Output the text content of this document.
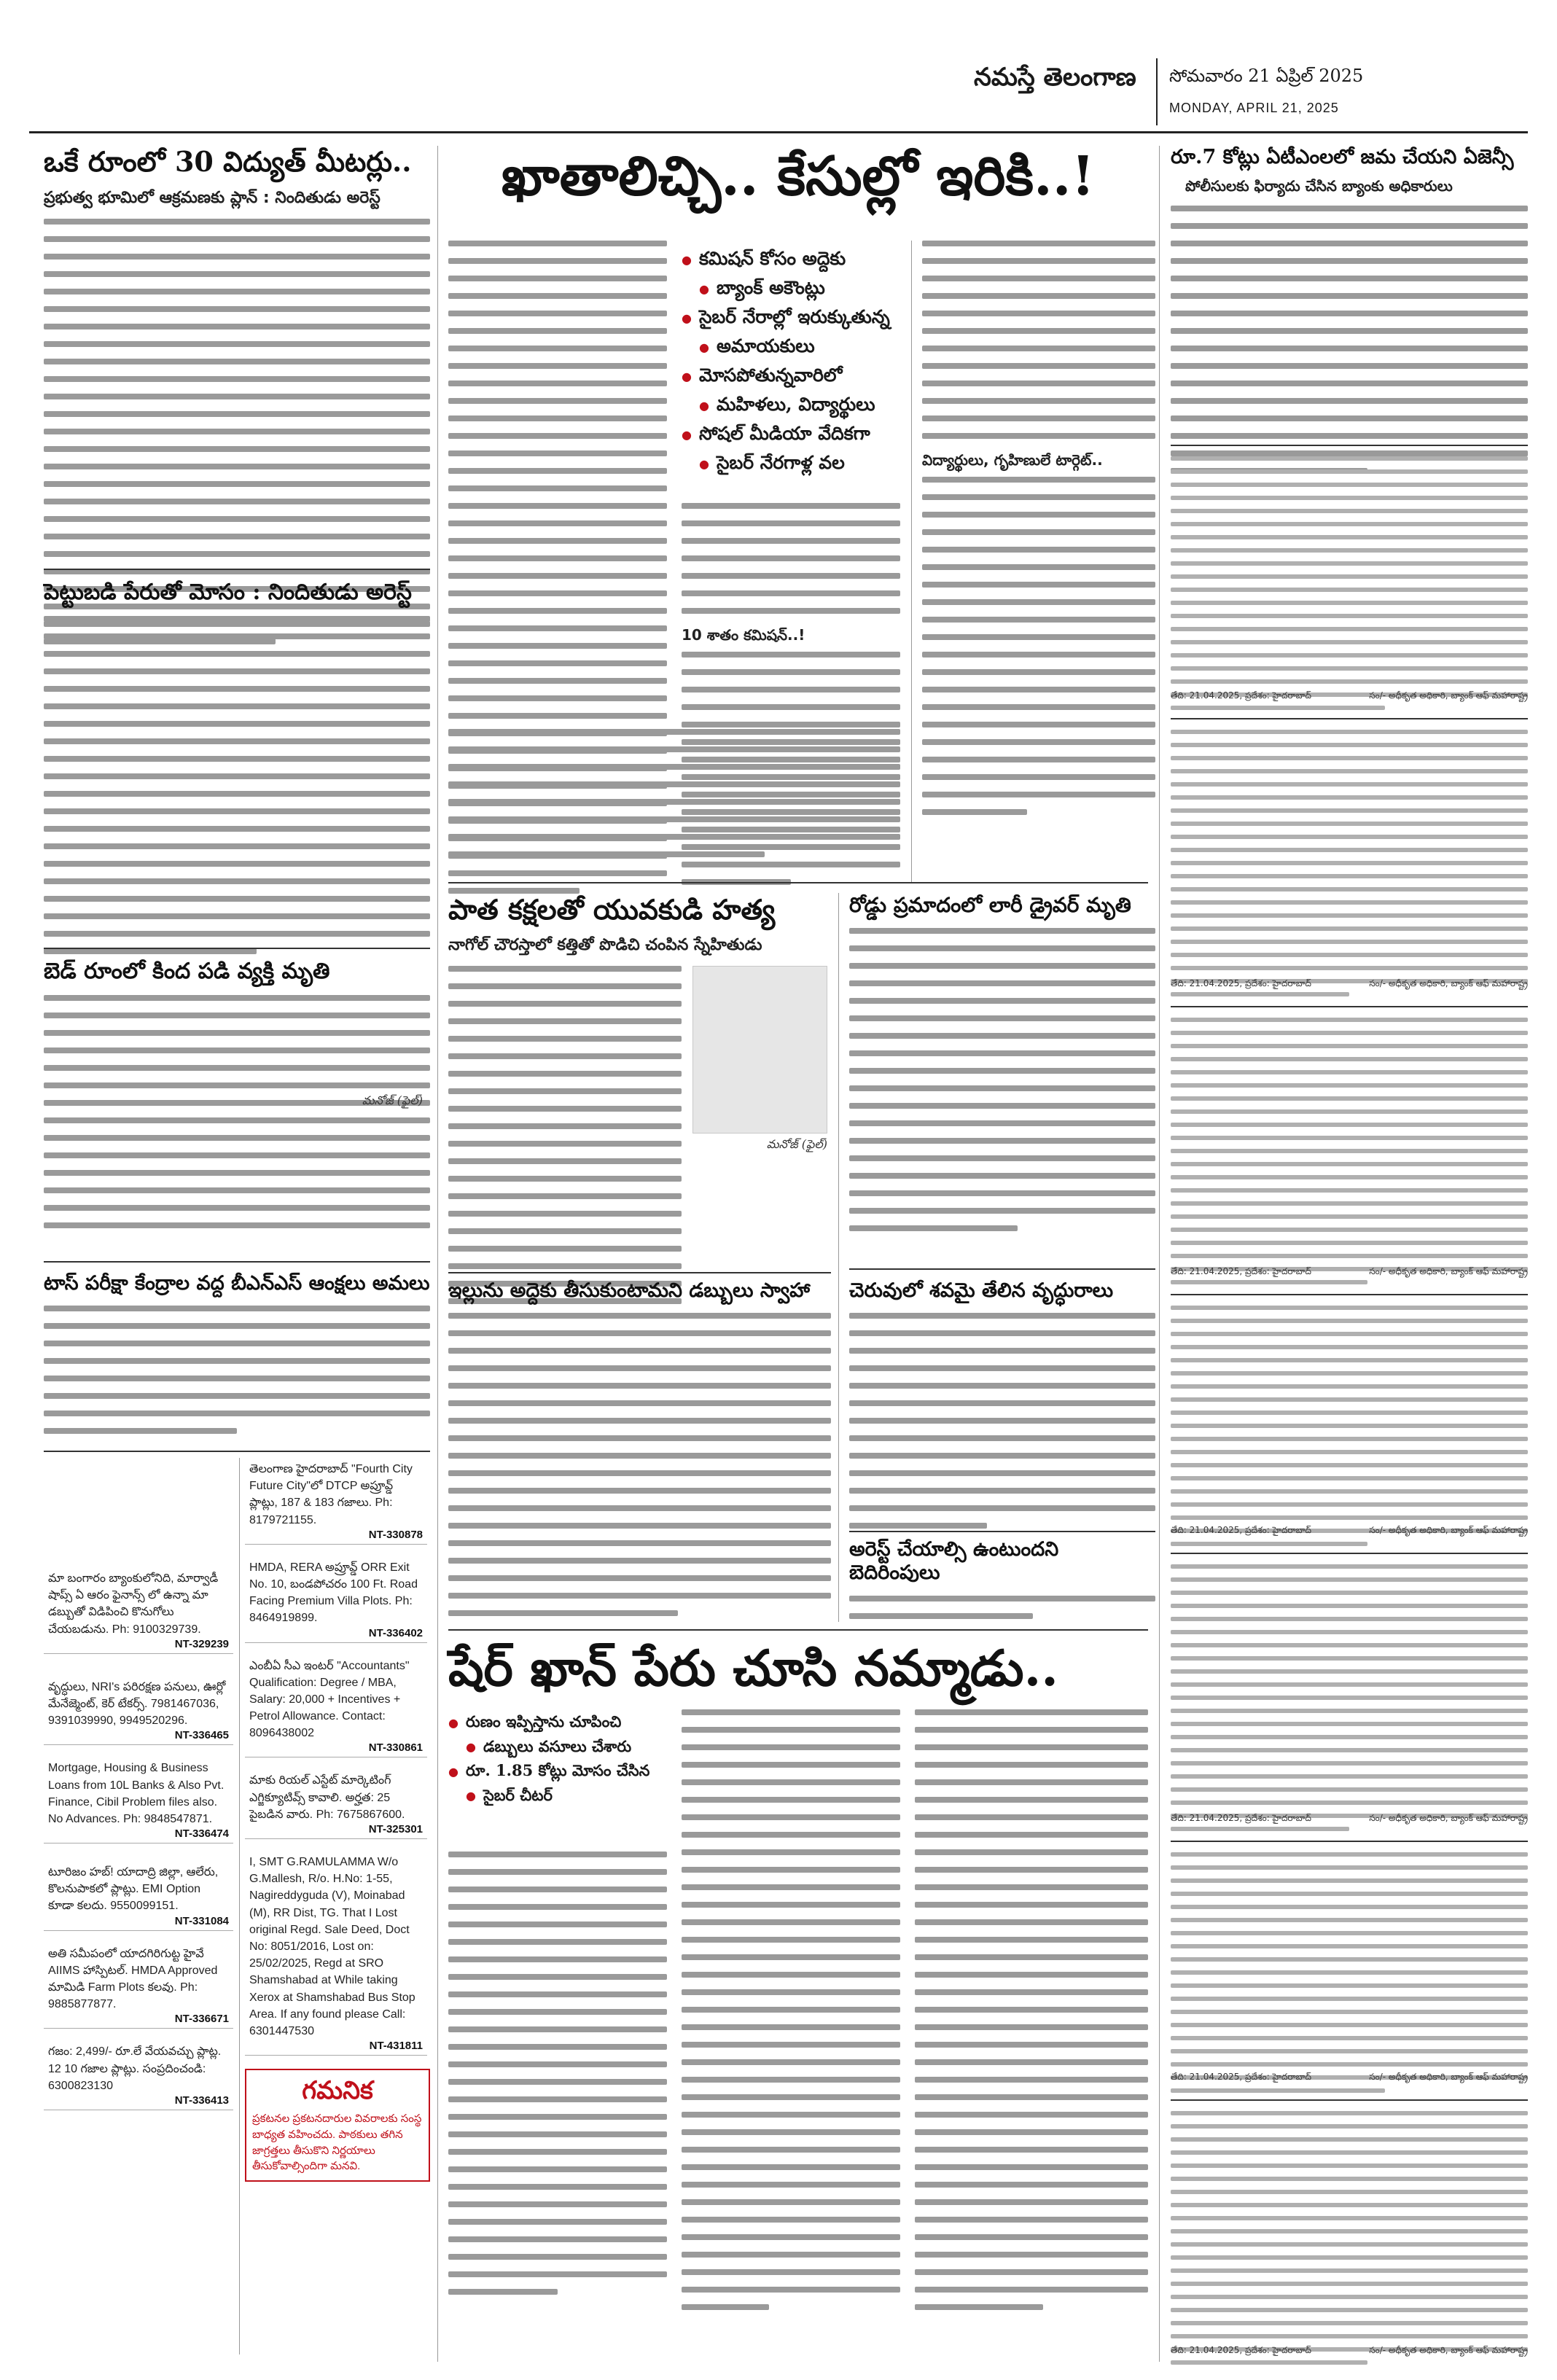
నమస్తే తెలంగాణ సోమవారం 21 ఏప్రిల్ 2025
MONDAY, APRIL 21, 2025
ఒకే రూంలో 30 విద్యుత్ మీటర్లు..
ప్రభుత్వ భూమిలో ఆక్రమణకు ప్లాన్ : నిందితుడు అరెస్ట్
పెట్టుబడి పేరుతో మోసం : నిందితుడు అరెస్ట్
బెడ్ రూంలో కింద పడి వ్యక్తి మృతి
మనోజ్ (ఫైల్)
టాస్ పరీక్షా కేంద్రాల వద్ద బీఎన్ఎస్ ఆంక్షలు అమలు
మా బంగారం బ్యాంకులోనిది, మార్వాడీ షాప్స్ ఏ ఆరం ఫైనాన్స్ లో ఉన్నా మా డబ్బుతో విడిపించి కొనుగోలు చేయబడును. Ph: 9100329739.
NT-329239
వృద్ధులు, NRI's పరిరక్షణ పనులు, ఊర్లో మేనేజ్మెంట్, కెర్ టేకర్స్. 7981467036, 9391039990, 9949520296.
NT-336465
Mortgage, Housing & Business Loans from 10L Banks & Also Pvt. Finance, Cibil Problem files also. No Advances. Ph: 9848547871.
NT-336474
టూరిజం హబ్! యాదాద్రి జిల్లా, ఆలేరు, కొలనుపాకలో ప్లాట్లు. EMI Option కూడా కలదు. 9550099151.
NT-331084
అతి సమీపంలో యాదగిరిగుట్ట హైవే AIIMS హాస్పిటల్. HMDA Approved మామిడి Farm Plots కలవు. Ph: 9885877877.
NT-336671
గజం: 2,499/- రూ.లే వేయవచ్చు ప్లాట్ల. 12 10 గజాల ప్లాట్లు. సంప్రదించండి: 6300823130
NT-336413
తెలంగాణ హైదరాబాద్ "Fourth City Future City"లో DTCP అప్రూవ్డ్ ప్లాట్లు, 187 & 183 గజాలు. Ph: 8179721155.
NT-330878
HMDA, RERA అప్రూవ్డ్ ORR Exit No. 10, బండపోచరం 100 Ft. Road Facing Premium Villa Plots. Ph: 8464919899.
NT-336402
ఎంబీఏ సీఎ ఇంటర్ "Accountants" Qualification: Degree / MBA, Salary: 20,000 + Incentives + Petrol Allowance. Contact: 8096438002
NT-330861
మాకు రియల్ ఎస్టేట్ మార్కెటింగ్ ఎగ్జిక్యూటివ్స్ కావాలి. అర్హత: 25 పైబడిన వారు. Ph: 7675867600.
NT-325301
I, SMT G.RAMULAMMA W/o G.Mallesh, R/o. H.No: 1-55, Nagireddyguda (V), Moinabad (M), RR Dist, TG. That I Lost original Regd. Sale Deed, Doct No: 8051/2016, Lost on: 25/02/2025, Regd at SRO Shamshabad at While taking Xerox at Shamshabad Bus Stop Area. If any found please Call: 6301447530
NT-431811
గమనిక
ప్రకటనల ప్రకటనదారుల వివరాలకు సంస్థ బాధ్యత వహించదు. పాఠకులు తగిన జాగ్రత్తలు తీసుకొని నిర్ణయాలు తీసుకోవాల్సిందిగా మనవి.
ఖాతాలిచ్చి.. కేసుల్లో ఇరికి..!
● కమిషన్ కోసం అద్దెకు
● బ్యాంక్ అకౌంట్లు
● సైబర్ నేరాల్లో ఇరుక్కుతున్న
● అమాయకులు
● మోసపోతున్నవారిలో
● మహిళలు, విద్యార్థులు
● సోషల్ మీడియా వేదికగా
● సైబర్ నేరగాళ్ల వల
10 శాతం కమిషన్..!
విద్యార్థులు, గృహిణులే టార్గెట్..
పాత కక్షలతో యువకుడి హత్య
నాగోల్ చౌరస్తాలో కత్తితో పొడిచి చంపిన స్నేహితుడు
మనోజ్ (ఫైల్)
ఇల్లును అద్దెకు తీసుకుంటామని డబ్బులు స్వాహా
షేర్ ఖాన్ పేరు చూసి నమ్మాడు..
● రుణం ఇప్పిస్తాను చూపించి
● డబ్బులు వసూలు చేశారు
● రూ. 1.85 కోట్లు మోసం చేసిన
● సైబర్ చీటర్
రోడ్డు ప్రమాదంలో లారీ డ్రైవర్ మృతి
చెరువులో శవమై తేలిన వృద్ధురాలు
అరెస్ట్ చేయాల్సి ఉంటుందని బెదిరింపులు
రూ.7 కోట్లు ఏటీఎంలలో జమ చేయని ఏజెన్సీ
పోలీసులకు ఫిర్యాదు చేసిన బ్యాంకు అధికారులు
తేది: 21.04.2025, ప్రదేశం: హైదరాబాద్	సం/- అధీకృత అధికారి, బ్యాంక్ ఆఫ్ మహారాష్ట్ర
తేది: 21.04.2025, ప్రదేశం: హైదరాబాద్	సం/- అధీకృత అధికారి, బ్యాంక్ ఆఫ్ మహారాష్ట్ర
తేది: 21.04.2025, ప్రదేశం: హైదరాబాద్	సం/- అధీకృత అధికారి, బ్యాంక్ ఆఫ్ మహారాష్ట్ర
తేది: 21.04.2025, ప్రదేశం: హైదరాబాద్	సం/- అధీకృత అధికారి, బ్యాంక్ ఆఫ్ మహారాష్ట్ర
తేది: 21.04.2025, ప్రదేశం: హైదరాబాద్	సం/- అధీకృత అధికారి, బ్యాంక్ ఆఫ్ మహారాష్ట్ర
తేది: 21.04.2025, ప్రదేశం: హైదరాబాద్	సం/- అధీకృత అధికారి, బ్యాంక్ ఆఫ్ మహారాష్ట్ర
తేది: 21.04.2025, ప్రదేశం: హైదరాబాద్	సం/- అధీకృత అధికారి, బ్యాంక్ ఆఫ్ మహారాష్ట్ర
